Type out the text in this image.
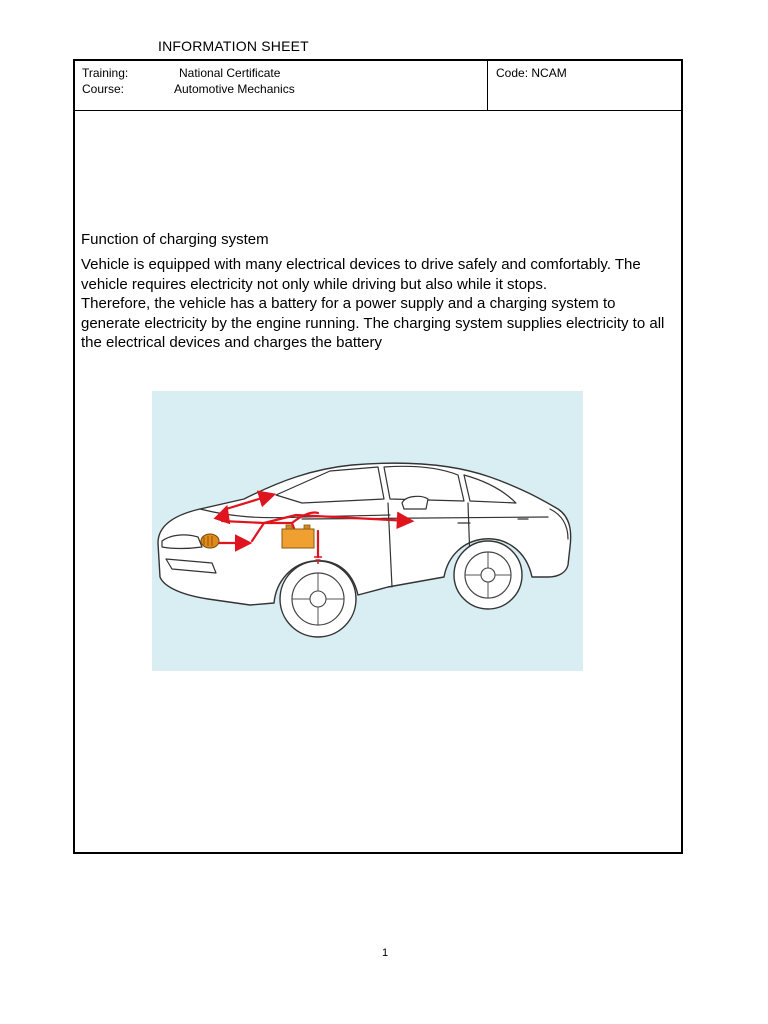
INFORMATION SHEET
Training:	National Certificate
Course:	Automotive Mechanics
Code: NCAM
Function of charging system

Vehicle is equipped with many electrical devices to drive safely and comfortably. The vehicle requires electricity not only while driving but also while it stops.

Therefore, the vehicle has a battery for a power supply and a charging system to generate electricity by the engine running. The charging system supplies electricity to all the electrical devices and charges the battery

1
